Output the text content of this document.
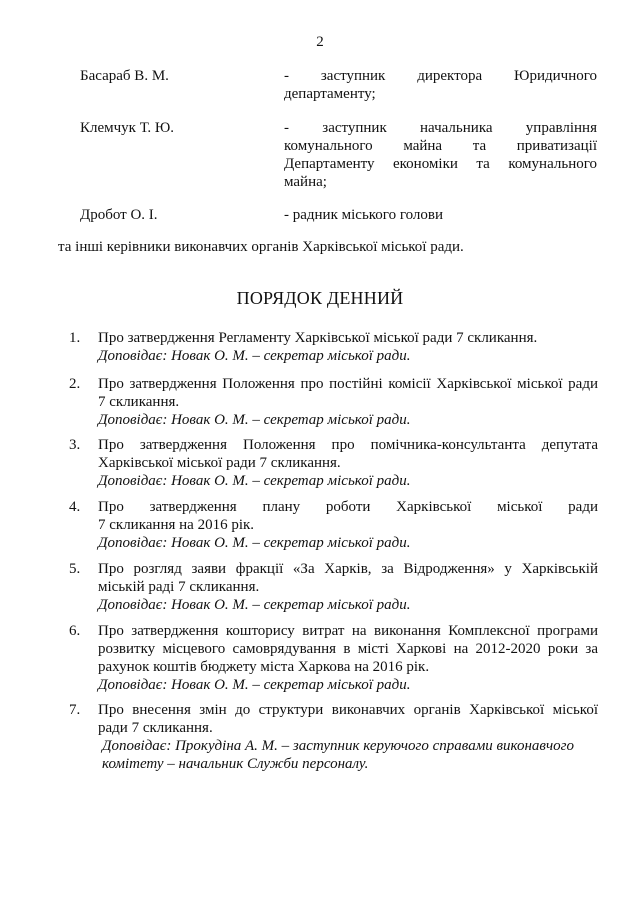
2
Басараб В. М.	- заступник директора Юридичного
департаменту;
Клемчук Т. Ю.	- заступник начальника управління
комунального майна та приватизації
Департаменту економіки та комунального
майна;
Дробот О. І.	- радник міського голови
та інші керівники виконавчих органів Харківської міської ради.
ПОРЯДОК ДЕННИЙ
1. Про затвердження Регламенту Харківської міської ради 7 скликання.
Доповідає: Новак О. М. – секретар міської ради.
2. Про затвердження Положення про постійні комісії Харківської міської ради
7 скликання.
Доповідає: Новак О. М. – секретар міської ради.
3. Про затвердження Положення про помічника-консультанта депутата
Харківської міської ради 7 скликання.
Доповідає: Новак О. М. – секретар міської ради.
4. Про затвердження плану роботи Харківської міської ради
7 скликання на 2016 рік.
Доповідає: Новак О. М. – секретар міської ради.
5. Про розгляд заяви фракції «За Харків, за Відродження» у Харківській
міській раді 7 скликання.
Доповідає: Новак О. М. – секретар міської ради.
6. Про затвердження кошторису витрат на виконання Комплексної програми
розвитку місцевого самоврядування в місті Харкові на 2012-2020 роки за
рахунок коштів бюджету міста Харкова на 2016 рік.
Доповідає: Новак О. М. – секретар міської ради.
7. Про внесення змін до структури виконавчих органів Харківської міської
ради 7 скликання.
Доповідає: Прокудіна А. М. – заступник керуючого справами виконавчого
комітету – начальник Служби персоналу.
